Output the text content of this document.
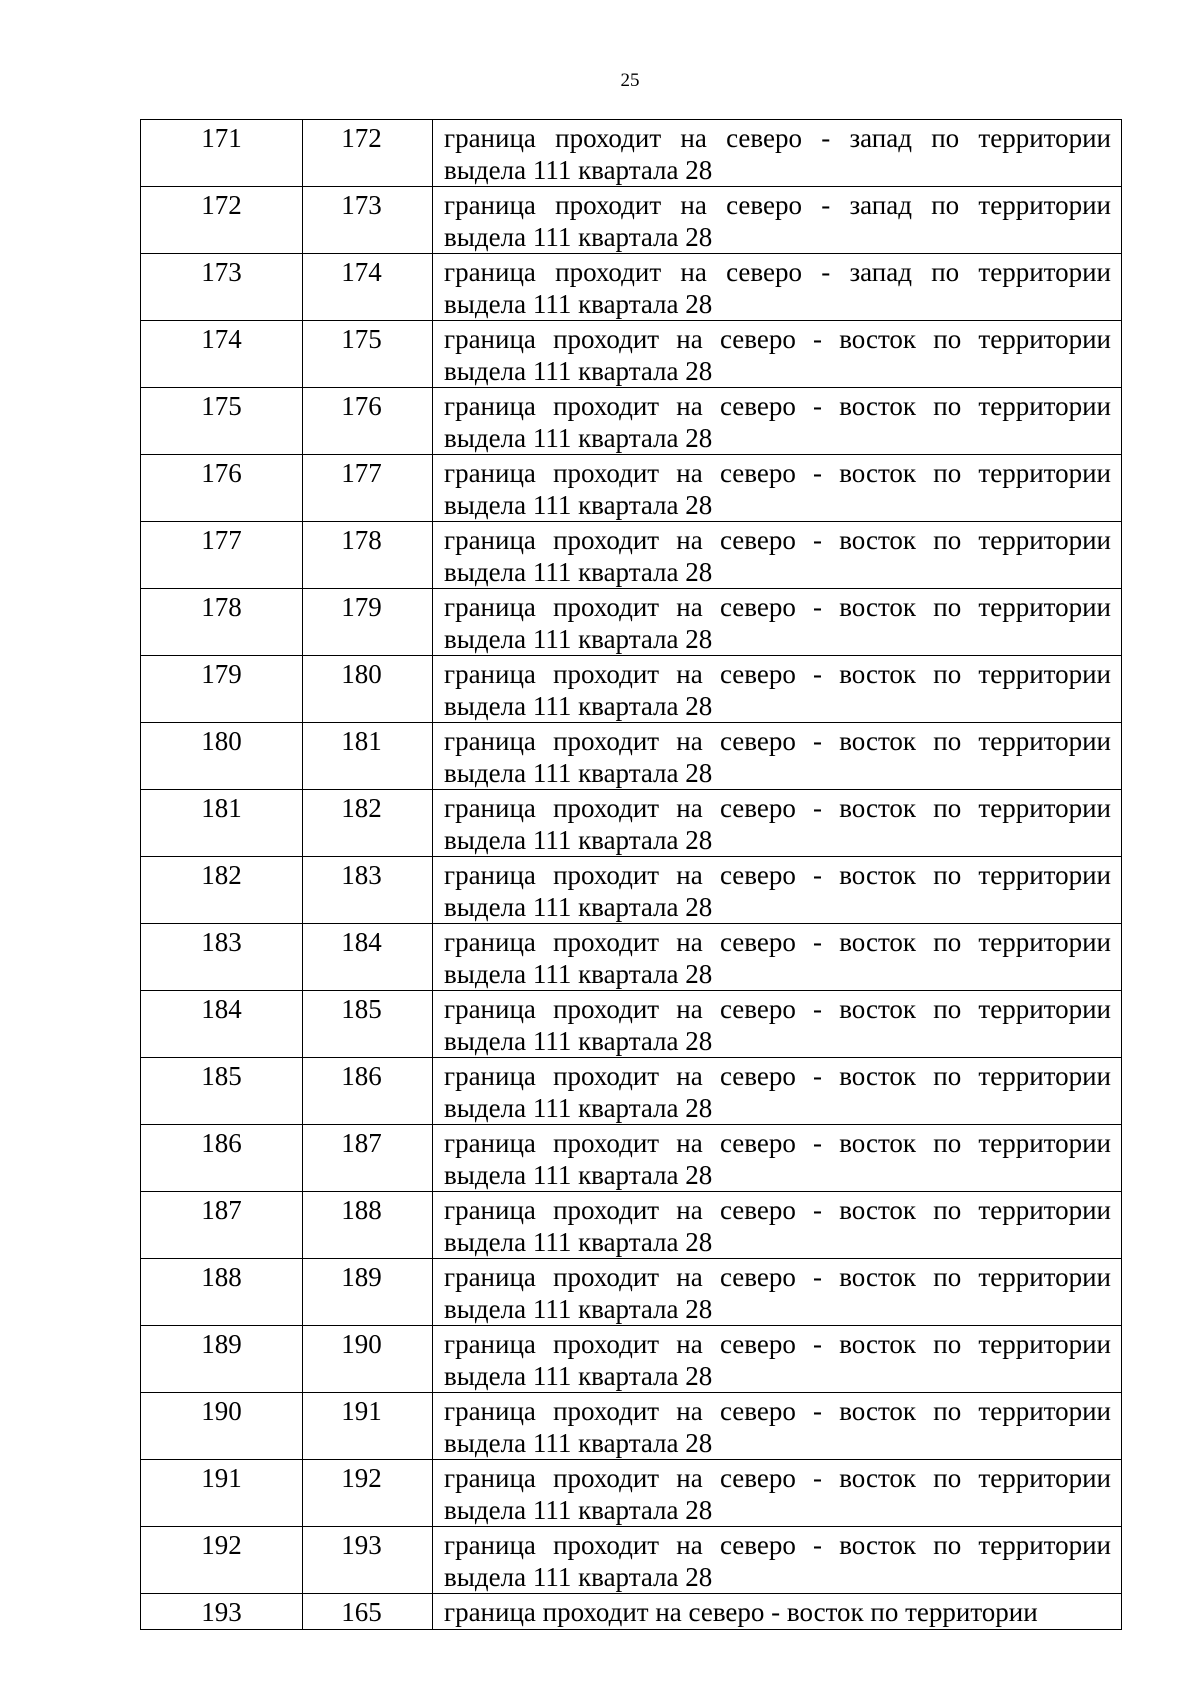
25
171	172	граница проходит на северо - запад по территории выдела 111 квартала 28

172	173	граница проходит на северо - запад по территории выдела 111 квартала 28

173	174	граница проходит на северо - запад по территории выдела 111 квартала 28

174	175	граница проходит на северо - восток по территории выдела 111 квартала 28

175	176	граница проходит на северо - восток по территории выдела 111 квартала 28

176	177	граница проходит на северо - восток по территории выдела 111 квартала 28

177	178	граница проходит на северо - восток по территории выдела 111 квартала 28

178	179	граница проходит на северо - восток по территории выдела 111 квартала 28

179	180	граница проходит на северо - восток по территории выдела 111 квартала 28

180	181	граница проходит на северо - восток по территории выдела 111 квартала 28

181	182	граница проходит на северо - восток по территории выдела 111 квартала 28

182	183	граница проходит на северо - восток по территории выдела 111 квартала 28

183	184	граница проходит на северо - восток по территории выдела 111 квартала 28

184	185	граница проходит на северо - восток по территории выдела 111 квартала 28

185	186	граница проходит на северо - восток по территории выдела 111 квартала 28

186	187	граница проходит на северо - восток по территории выдела 111 квартала 28

187	188	граница проходит на северо - восток по территории выдела 111 квартала 28

188	189	граница проходит на северо - восток по территории выдела 111 квартала 28

189	190	граница проходит на северо - восток по территории выдела 111 квартала 28

190	191	граница проходит на северо - восток по территории выдела 111 квартала 28

191	192	граница проходит на северо - восток по территории выдела 111 квартала 28

192	193	граница проходит на северо - восток по территории выдела 111 квартала 28

193	165	граница проходит на северо - восток по территории
